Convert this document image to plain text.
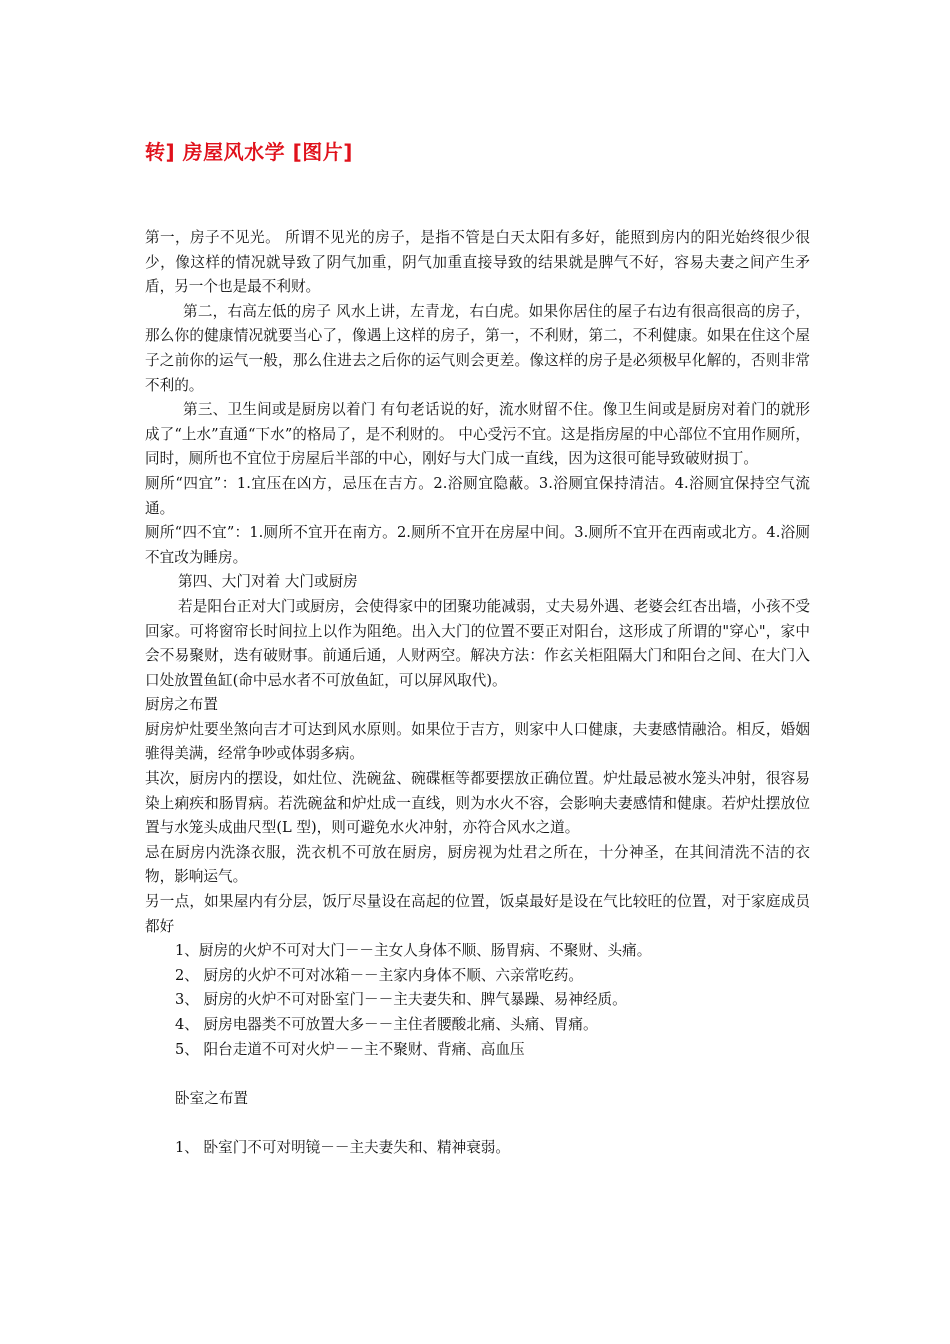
转] 房屋风水学 [图片]

第一，房子不见光。 所谓不见光的房子，是指不管是白天太阳有多好，能照到房内的阳光始终很少很少，像这样的情况就导致了阴气加重，阴气加重直接导致的结果就是脾气不好，容易夫妻之间产生矛盾，另一个也是最不利财。

第二，右高左低的房子 风水上讲，左青龙，右白虎。如果你居住的屋子右边有很高很高的房子，那么你的健康情况就要当心了，像遇上这样的房子，第一，不利财，第二，不利健康。如果在住这个屋子之前你的运气一般，那么住进去之后你的运气则会更差。像这样的房子是必须极早化解的，否则非常不利的。

第三、卫生间或是厨房以着门 有句老话说的好，流水财留不住。像卫生间或是厨房对着门的就形成了“上水”直通“下水”的格局了，是不利财的。 中心受污不宜。这是指房屋的中心部位不宜用作厕所，同时，厕所也不宜位于房屋后半部的中心，刚好与大门成一直线，因为这很可能导致破财损丁。

厕所“四宜”：1.宜压在凶方，忌压在吉方。2.浴厕宜隐蔽。3.浴厕宜保持清洁。4.浴厕宜保持空气流通。

厕所“四不宜”：1.厕所不宜开在南方。2.厕所不宜开在房屋中间。3.厕所不宜开在西南或北方。4.浴厕不宜改为睡房。

第四、大门对着 大门或厨房

若是阳台正对大门或厨房，会使得家中的团聚功能减弱，丈夫易外遇、老婆会红杏出墙，小孩不受回家。可将窗帘长时间拉上以作为阻绝。出入大门的位置不要正对阳台，这形成了所谓的"穿心"，家中会不易聚财，迭有破财事。前通后通，人财两空。解决方法：作玄关柜阻隔大门和阳台之间、在大门入口处放置鱼缸(命中忌水者不可放鱼缸，可以屏风取代)。

厨房之布置

厨房炉灶要坐煞向吉才可达到风水原则。如果位于吉方，则家中人口健康，夫妻感情融洽。相反，婚姻骓得美满，经常争吵或体弱多病。

其次，厨房内的摆设，如灶位、洗碗盆、碗碟框等都要摆放正确位置。炉灶最忌被水笼头冲射，很容易染上痢疾和肠胃病。若洗碗盆和炉灶成一直线，则为水火不容，会影响夫妻感情和健康。若炉灶摆放位置与水笼头成曲尺型(L 型)，则可避免水火冲射，亦符合风水之道。

忌在厨房内洗涤衣服，洗衣机不可放在厨房，厨房视为灶君之所在，十分神圣，在其间清洗不洁的衣物，影响运气。

另一点，如果屋内有分层，饭厅尽量设在高起的位置，饭桌最好是设在气比较旺的位置，对于家庭成员都好

1、厨房的火炉不可对大门－－主女人身体不顺、肠胃病、不聚财、头痛。

2、 厨房的火炉不可对冰箱－－主家内身体不顺、六亲常吃药。

3、 厨房的火炉不可对卧室门－－主夫妻失和、脾气暴躁、易神经质。

4、 厨房电器类不可放置大多－－主住者腰酸北痛、头痛、胃痛。

5、 阳台走道不可对火炉－－主不聚财、背痛、高血压

卧室之布置

1、 卧室门不可对明镜－－主夫妻失和、精神衰弱。
